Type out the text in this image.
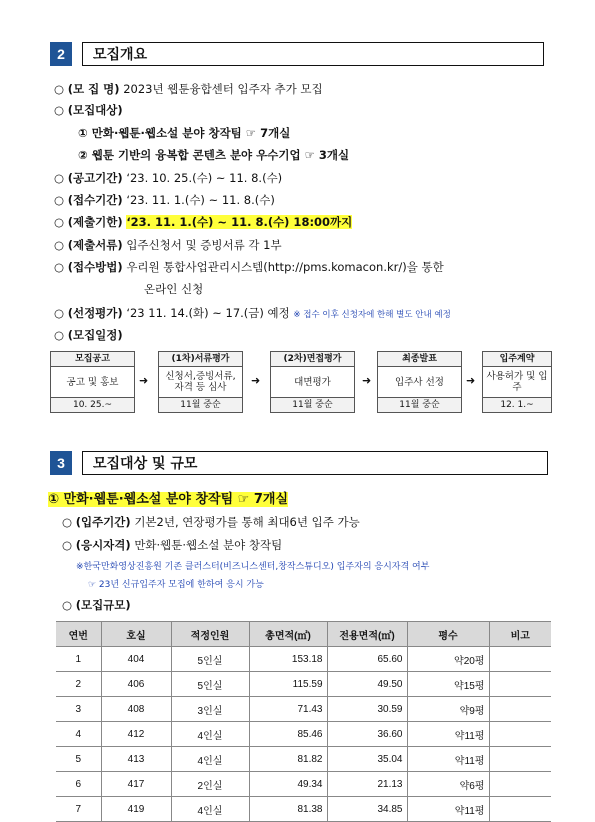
2	모집개요
○ (모 집 명) 2023년 웹툰융합센터 입주자 추가 모집
○ (모집대상)
① 만화·웹툰·웹소설 분야 창작팀 ☞ 7개실
② 웹툰 기반의 융복합 콘텐츠 분야 우수기업 ☞ 3개실
○ (공고기간) ‘23. 10. 25.(수) ~ 11. 8.(수)
○ (접수기간) ‘23. 11. 1.(수) ~ 11. 8.(수)
○ (제출기한) ‘23. 11. 1.(수) ~ 11. 8.(수) 18:00까지
○ (제출서류) 입주신청서 및 증빙서류 각 1부
○ (접수방법) 우리원 통합사업관리시스템(http://pms.komacon.kr/)을 통한
온라인 신청
○ (선정평가) ‘23 11. 14.(화) ~ 17.(금) 예정 ※ 접수 이후 신청자에 한해 별도 안내 예정
○ (모집일정)
모집공고
공고 및 홍보
10. 25.~
➜
(1차)서류평가
신청서,증빙서류, 자격 등 심사
11월 중순
➜
(2차)면접평가
대면평가
11월 중순
➜
최종발표
입주사 선정
11월 중순
➜
입주계약
사용허가 및 입주
12. 1.~
3	모집대상 및 규모
① 만화·웹툰·웹소설 분야 창작팀 ☞ 7개실
○ (입주기간) 기본2년, 연장평가를 통해 최대6년 입주 가능
○ (응시자격) 만화·웹툰·웹소설 분야 창작팀
※한국만화영상진흥원 기존 클러스터(비즈니스센터,창작스튜디오) 입주자의 응시자격 여부
☞ 23년 신규입주자 모집에 한하여 응시 가능
○ (모집규모)
연번	호실	적정인원	총면적(㎡)	전용면적(㎡)	평수	비고
1	404	5인실	153.18	65.60	약20평	
2	406	5인실	115.59	49.50	약15평	
3	408	3인실	71.43	30.59	약9평	
4	412	4인실	85.46	36.60	약11평	
5	413	4인실	81.82	35.04	약11평	
6	417	2인실	49.34	21.13	약6평	
7	419	4인실	81.38	34.85	약11평	
